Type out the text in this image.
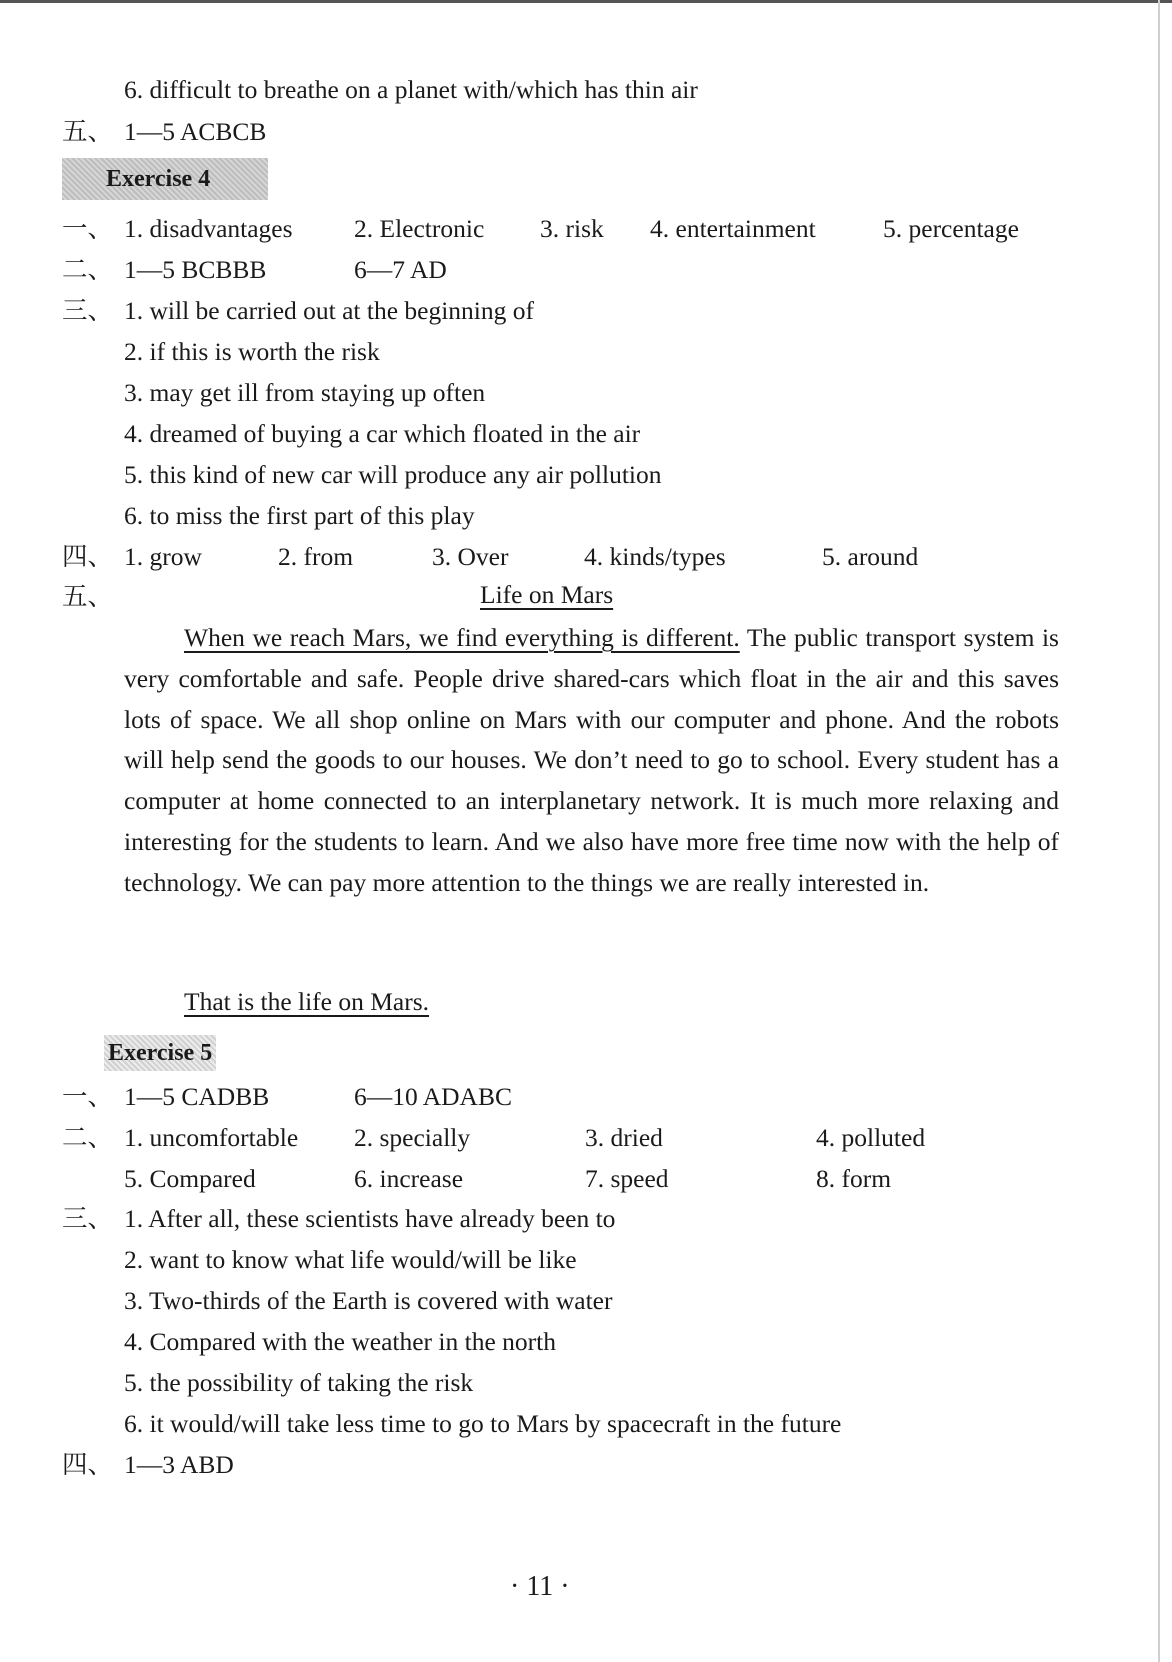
6. difficult to breathe on a planet with/which has thin air
五、 1—5 ACBCB
Exercise 4
一、 1. disadvantages 2. Electronic 3. risk 4. entertainment	5. percentage
二、 1—5 BCBBB	6—7 AD
三、 1. will be carried out at the beginning of
2. if this is worth the risk
3. may get ill from staying up often
4. dreamed of buying a car which floated in the air
5. this kind of new car will produce any air pollution
6. to miss the first part of this play
四、 1. grow	2. from	3. Over	4. kinds/types	5. around
五、	Life on Mars
When we reach Mars, we find everything is different. The public transport system is very comfortable and safe. People drive shared-cars which float in the air and this saves lots of space. We all shop online on Mars with our computer and phone. And the robots will help send the goods to our houses. We don’t need to go to school. Every student has a computer at home connected to an interplanetary network. It is much more relaxing and interesting for the students to learn. And we also have more free time now with the help of technology. We can pay more attention to the things we are really interested in.
That is the life on Mars.
Exercise 5
一、 1—5 CADBB	6—10 ADABC
二、 1. uncomfortable 2. specially	3. dried	4. polluted
5. Compared	6. increase	7. speed	8. form
三、 1. After all, these scientists have already been to
2. want to know what life would/will be like
3. Two-thirds of the Earth is covered with water
4. Compared with the weather in the north
5. the possibility of taking the risk
6. it would/will take less time to go to Mars by spacecraft in the future
四、 1—3 ABD
· 11 ·
